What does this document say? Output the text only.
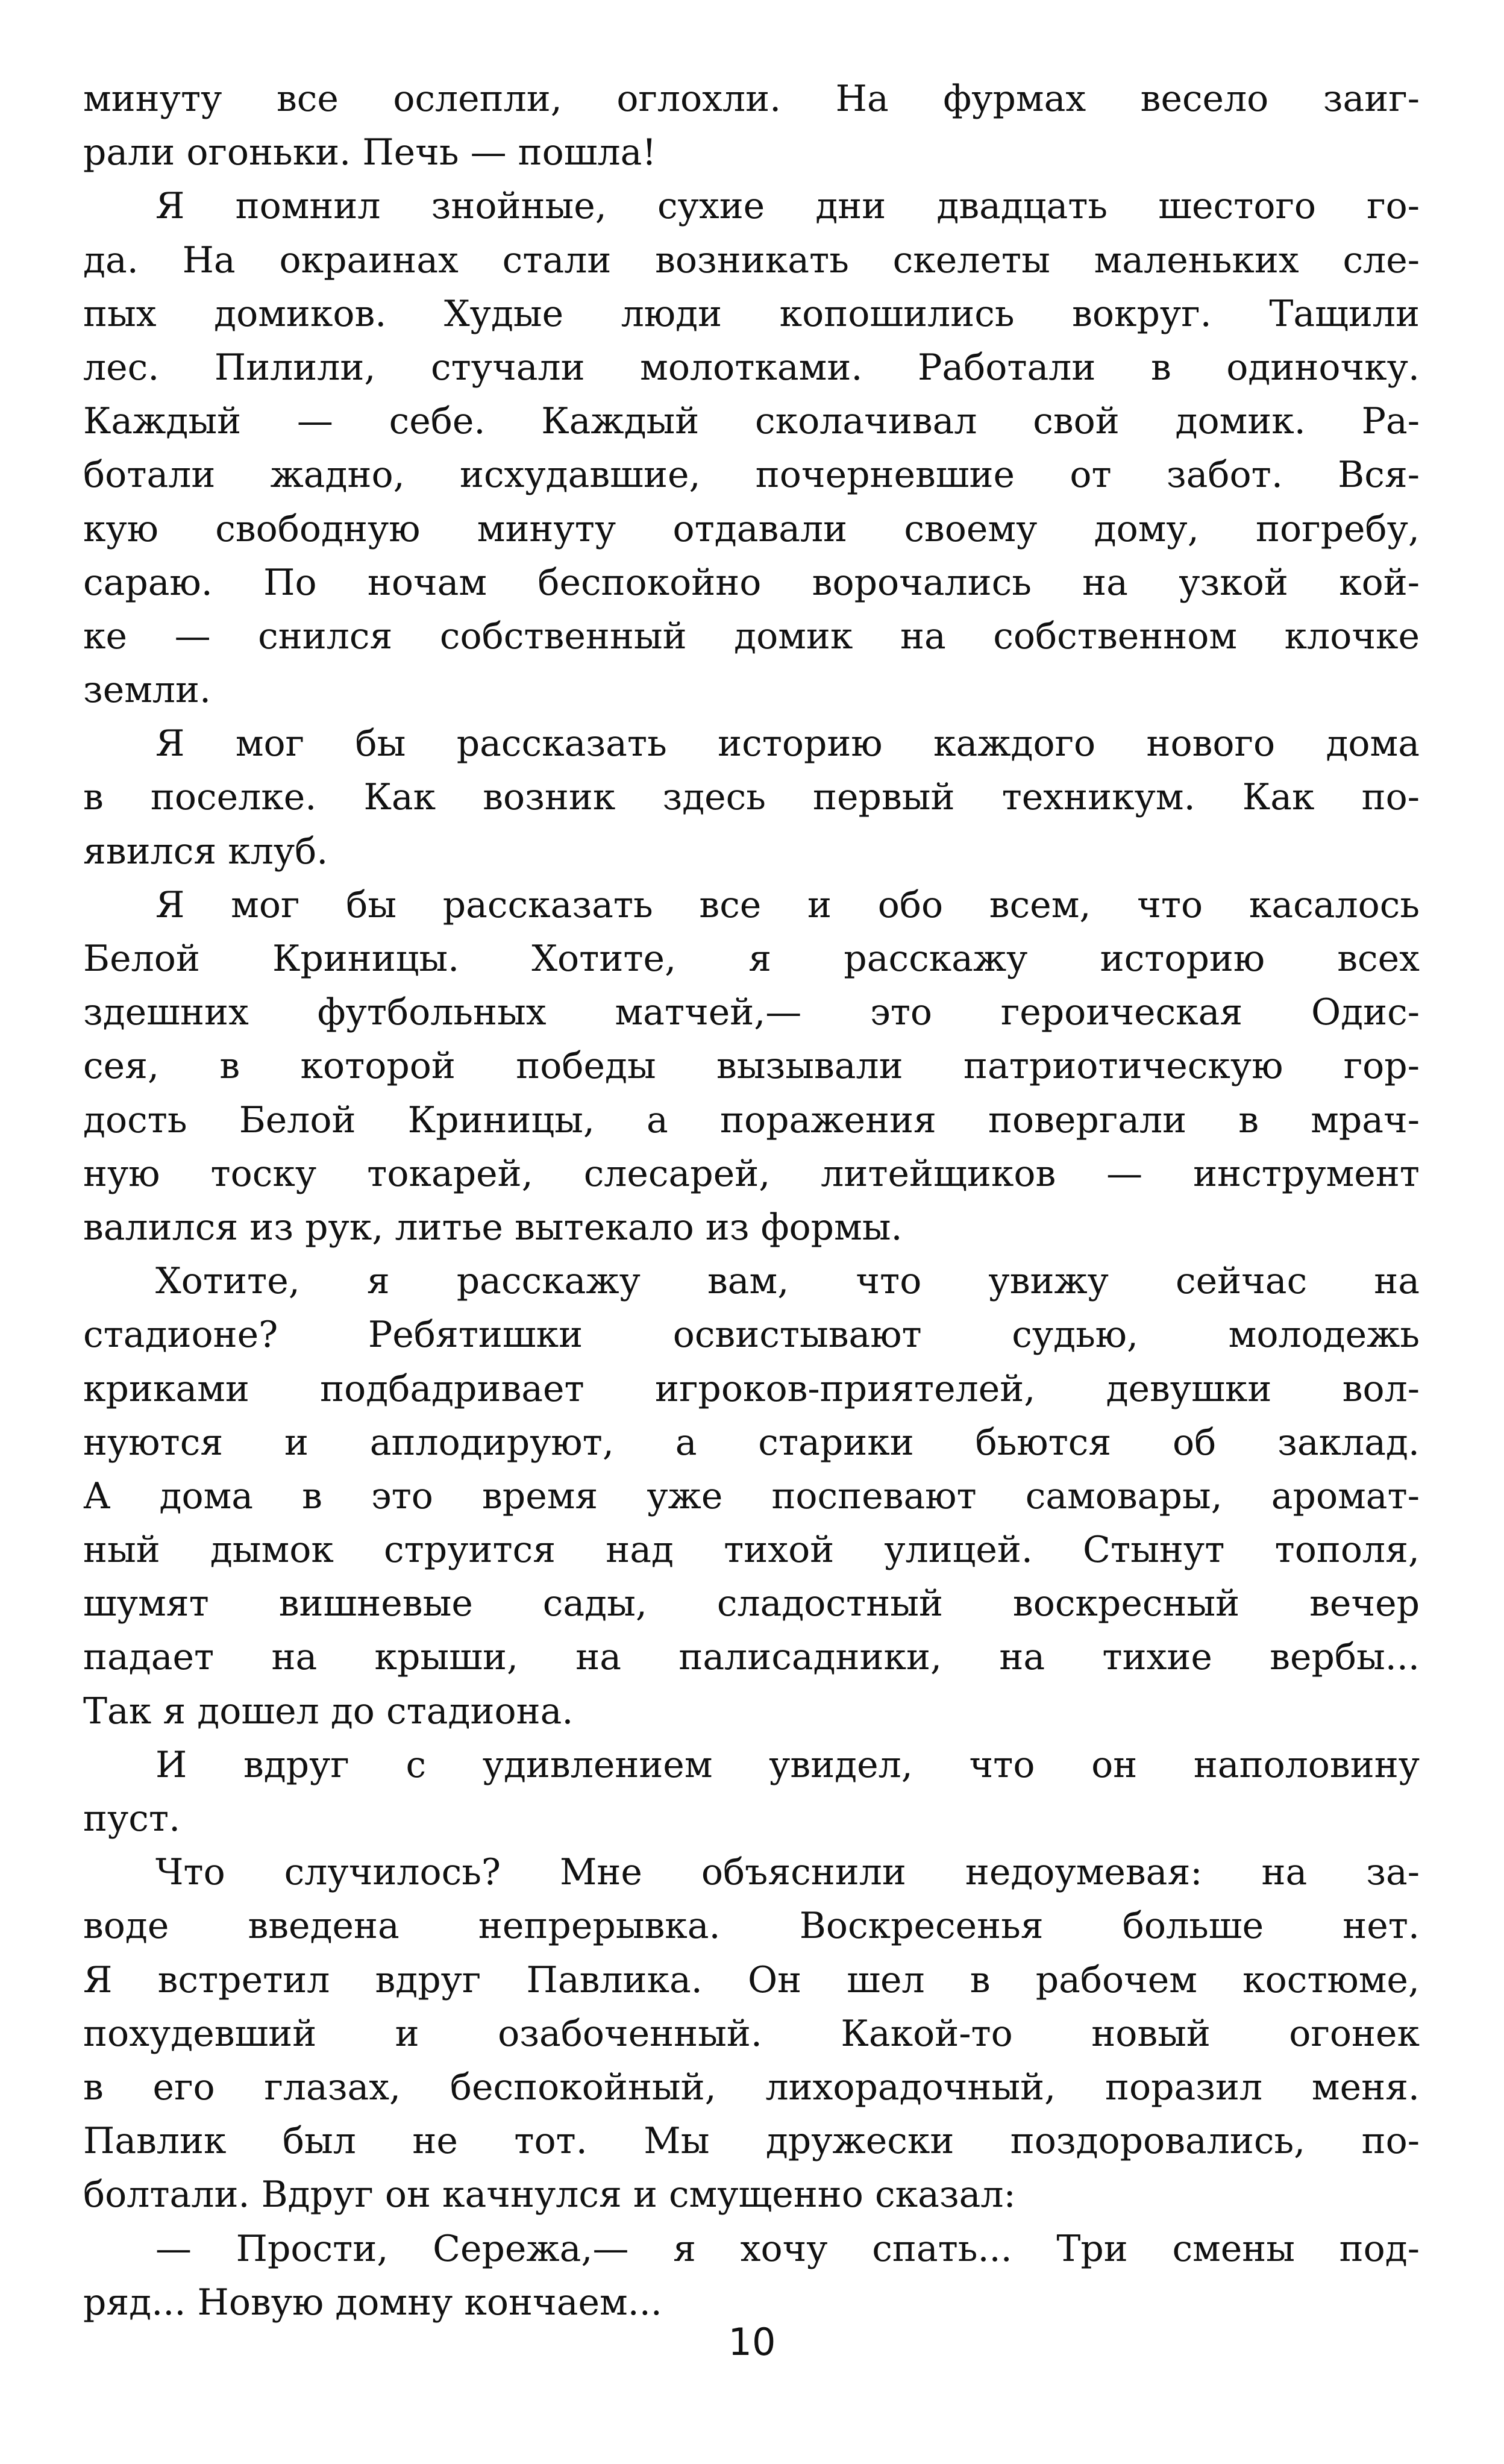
минуту все ослепли, оглохли. На фурмах весело заиг-
рали огоньки. Печь — пошла!
Я помнил знойные, сухие дни двадцать шестого го-
да. На окраинах стали возникать скелеты маленьких сле-
пых домиков. Худые люди копошились вокруг. Тащили
лес. Пилили, стучали молотками. Работали в одиночку.
Каждый — себе. Каждый сколачивал свой домик. Ра-
ботали жадно, исхудавшие, почерневшие от забот. Вся-
кую свободную минуту отдавали своему дому, погребу,
сараю. По ночам беспокойно ворочались на узкой кой-
ке — снился собственный домик на собственном клочке
земли.
Я мог бы рассказать историю каждого нового дома
в поселке. Как возник здесь первый техникум. Как по-
явился клуб.
Я мог бы рассказать все и обо всем, что касалось
Белой Криницы. Хотите, я расскажу историю всех
здешних футбольных матчей,— это героическая Одис-
сея, в которой победы вызывали патриотическую гор-
дость Белой Криницы, а поражения повергали в мрач-
ную тоску токарей, слесарей, литейщиков — инструмент
валился из рук, литье вытекало из формы.
Хотите, я расскажу вам, что увижу сейчас на
стадионе? Ребятишки освистывают судью, молодежь
криками подбадривает игроков-приятелей, девушки вол-
нуются и аплодируют, а старики бьются об заклад.
А дома в это время уже поспевают самовары, аромат-
ный дымок струится над тихой улицей. Стынут тополя,
шумят вишневые сады, сладостный воскресный вечер
падает на крыши, на палисадники, на тихие вербы...
Так я дошел до стадиона.
И вдруг с удивлением увидел, что он наполовину
пуст.
Что случилось? Мне объяснили недоумевая: на за-
воде введена непрерывка. Воскресенья больше нет.
Я встретил вдруг Павлика. Он шел в рабочем костюме,
похудевший и озабоченный. Какой-то новый огонек
в его глазах, беспокойный, лихорадочный, поразил меня.
Павлик был не тот. Мы дружески поздоровались, по-
болтали. Вдруг он качнулся и смущенно сказал:
— Прости, Сережа,— я хочу спать... Три смены под-
ряд... Новую домну кончаем...
10
